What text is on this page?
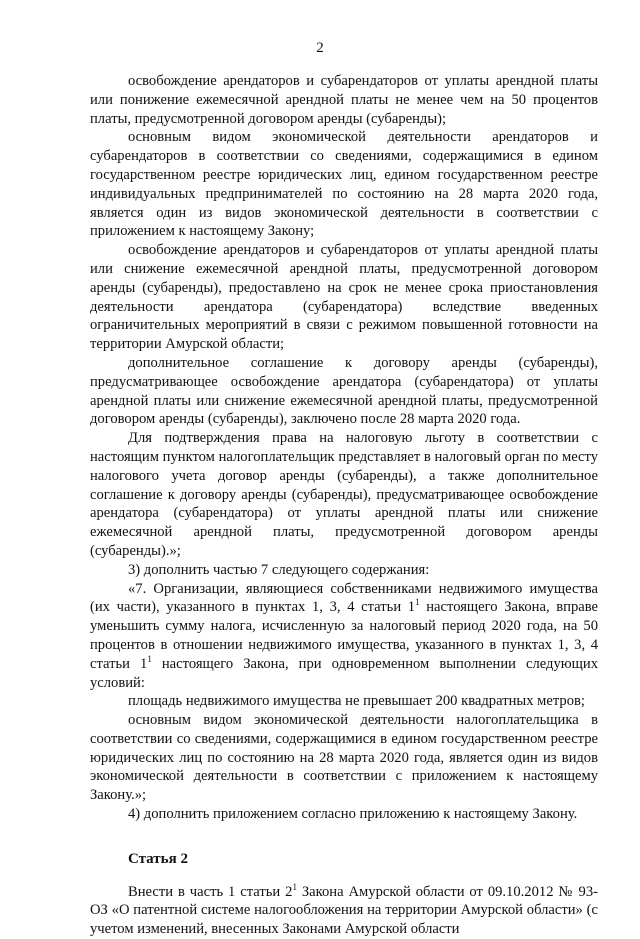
2

освобождение арендаторов и субарендаторов от уплаты арендной платы или понижение ежемесячной арендной платы не менее чем на 50 процентов платы, предусмотренной договором аренды (субаренды);

основным видом экономической деятельности арендаторов и субарендаторов в соответствии со сведениями, содержащимися в едином государственном реестре юридических лиц, едином государственном реестре индивидуальных предпринимателей по состоянию на 28 марта 2020 года, является один из видов экономической деятельности в соответствии с приложением к настоящему Закону;

освобождение арендаторов и субарендаторов от уплаты арендной платы или снижение ежемесячной арендной платы, предусмотренной договором аренды (субаренды), предоставлено на срок не менее срока приостановления деятельности арендатора (субарендатора) вследствие введенных ограничительных мероприятий в связи с режимом повышенной готовности на территории Амурской области;

дополнительное соглашение к договору аренды (субаренды), предусматривающее освобождение арендатора (субарендатора) от уплаты арендной платы или снижение ежемесячной арендной платы, предусмотренной договором аренды (субаренды), заключено после 28 марта 2020 года.

Для подтверждения права на налоговую льготу в соответствии с настоящим пунктом налогоплательщик представляет в налоговый орган по месту налогового учета договор аренды (субаренды), а также дополнительное соглашение к договору аренды (субаренды), предусматривающее освобождение арендатора (субарендатора) от уплаты арендной платы или снижение ежемесячной арендной платы, предусмотренной договором аренды (субаренды).»;

3) дополнить частью 7 следующего содержания:

«7. Организации, являющиеся собственниками недвижимого имущества (их части), указанного в пунктах 1, 3, 4 статьи $1^1$ настоящего Закона, вправе уменьшить сумму налога, исчисленную за налоговый период 2020 года, на 50 процентов в отношении недвижимого имущества, указанного в пунктах 1, 3, 4 статьи $1^1$ настоящего Закона, при одновременном выполнении следующих условий:

площадь недвижимого имущества не превышает 200 квадратных метров;

основным видом экономической деятельности налогоплательщика в соответствии со сведениями, содержащимися в едином государственном реестре юридических лиц по состоянию на 28 марта 2020 года, является один из видов экономической деятельности в соответствии с приложением к настоящему Закону.»;

4) дополнить приложением согласно приложению к настоящему Закону.

Статья 2

Внести в часть 1 статьи $2^1$ Закона Амурской области от 09.10.2012 № 93-ОЗ «О патентной системе налогообложения на территории Амурской области» (с учетом изменений, внесенных Законами Амурской области
